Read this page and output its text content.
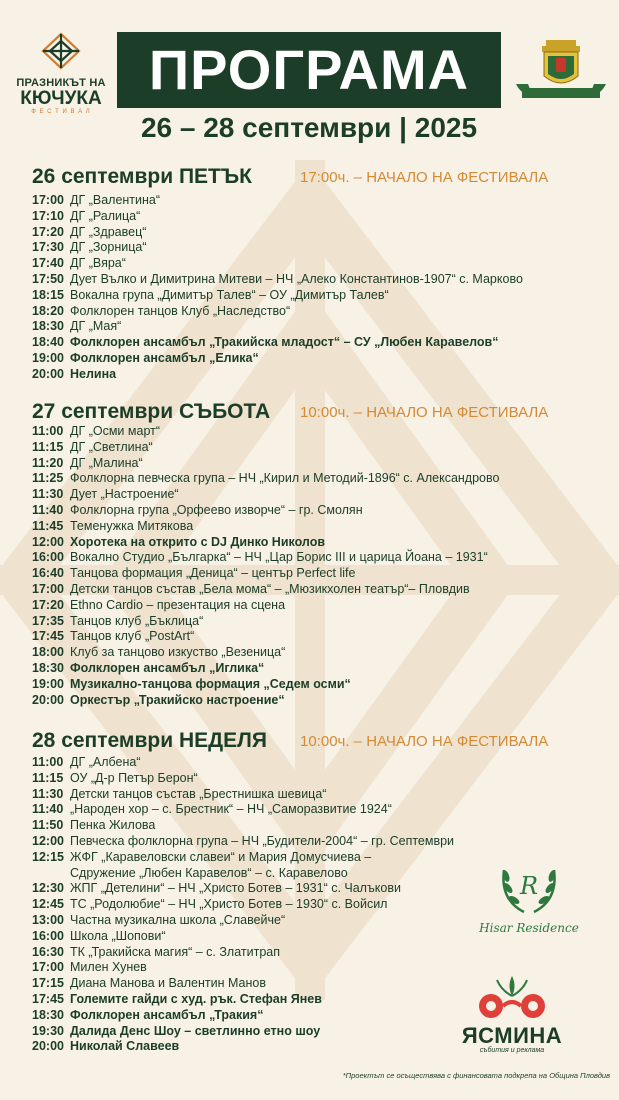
ПРАЗНИКЪТ НА
КЮЧУКА
Ф Е С Т И В А Л
ПРОГРАМА
26 – 28 септември | 2025
26 септември ПЕТЪК	17:00ч. – НАЧАЛО НА ФЕСТИВАЛА
17:00 ДГ „Валентина“
17:10 ДГ „Ралица“
17:20 ДГ „Здравец“
17:30 ДГ „Зорница“
17:40 ДГ „Вяра“
17:50 Дует Вълко и Димитрина Митеви – НЧ „Алеко Константинов-1907“ с. Марково
18:15 Вокална група „Димитър Талев“ – ОУ „Димитър Талев“
18:20 Фолклорен танцов Клуб „Наследство“
18:30 ДГ „Мая“
18:40 Фолклорен ансамбъл „Тракийска младост“ – СУ „Любен Каравелов“
19:00 Фолклорен ансамбъл „Елика“
20:00 Нелина
27 септември СЪБОТА 10:00ч. – НАЧАЛО НА ФЕСТИВАЛА
11:00 ДГ „Осми март“
11:15 ДГ „Светлина“
11:20 ДГ „Малина“
11:25 Фолклорна певческа група – НЧ „Кирил и Методий-1896“ с. Александрово
11:30 Дует „Настроение“
11:40 Фолклорна група „Орфеево изворче“ – гр. Смолян
11:45 Теменужка Митякова
12:00 Хоротека на открито с DJ Динко Николов
16:00 Вокално Студио „Българка“ – НЧ „Цар Борис III и царица Йоана – 1931“
16:40 Танцова формация „Деница“ – център Perfect life
17:00 Детски танцов състав „Бела мома“ – „Мюзикхолен театър“– Пловдив
17:20 Ethno Cardio – презентация на сцена
17:35 Танцов клуб „Бъклица“
17:45 Танцов клуб „PostArt“
18:00 Клуб за танцово изкуство „Везеница“
18:30 Фолклорен ансамбъл „Иглика“
19:00 Музикално-танцова формация „Седем осми“
20:00 Оркестър „Тракийско настроение“
28 септември НЕДЕЛЯ 10:00ч. – НАЧАЛО НА ФЕСТИВАЛА
11:00 ДГ „Албена“
11:15 ОУ „Д-р Петър Берон“
11:30 Детски танцов състав „Брестнишка шевица“
11:40 „Народен хор – с. Брестник“ – НЧ „Саморазвитие 1924“
11:50 Пенка Жилова
12:00 Певческа фолклорна група – НЧ „Будители-2004“ – гр. Септември
12:15 ЖФГ „Каравеловски славеи“ и Мария Домусчиева –
Сдружение „Любен Каравелов“ – с. Каравелово
12:30 ЖПГ „Детелини“ – НЧ „Христо Ботев – 1931“ с. Чалъкови
12:45 ТС „Родолюбие“ – НЧ „Христо Ботев – 1930“ с. Войсил
13:00 Частна музикална школа „Славейче“
16:00 Школа „Шопови“
16:30 ТК „Тракийска магия“ – с. Златитрап
17:00 Милен Хунев
17:15 Диана Манова и Валентин Манов
17:45 Големите гайди с худ. рък. Стефан Янев
18:30 Фолклорен ансамбъл „Тракия“
19:30 Далида Денс Шоу – светлинно етно шоу
20:00 Николай Славеев
R
Hisar Residence
ЯСМИНА
събития и реклама
*Проектът се осъществява с финансовата подкрепа на Община Пловдив
